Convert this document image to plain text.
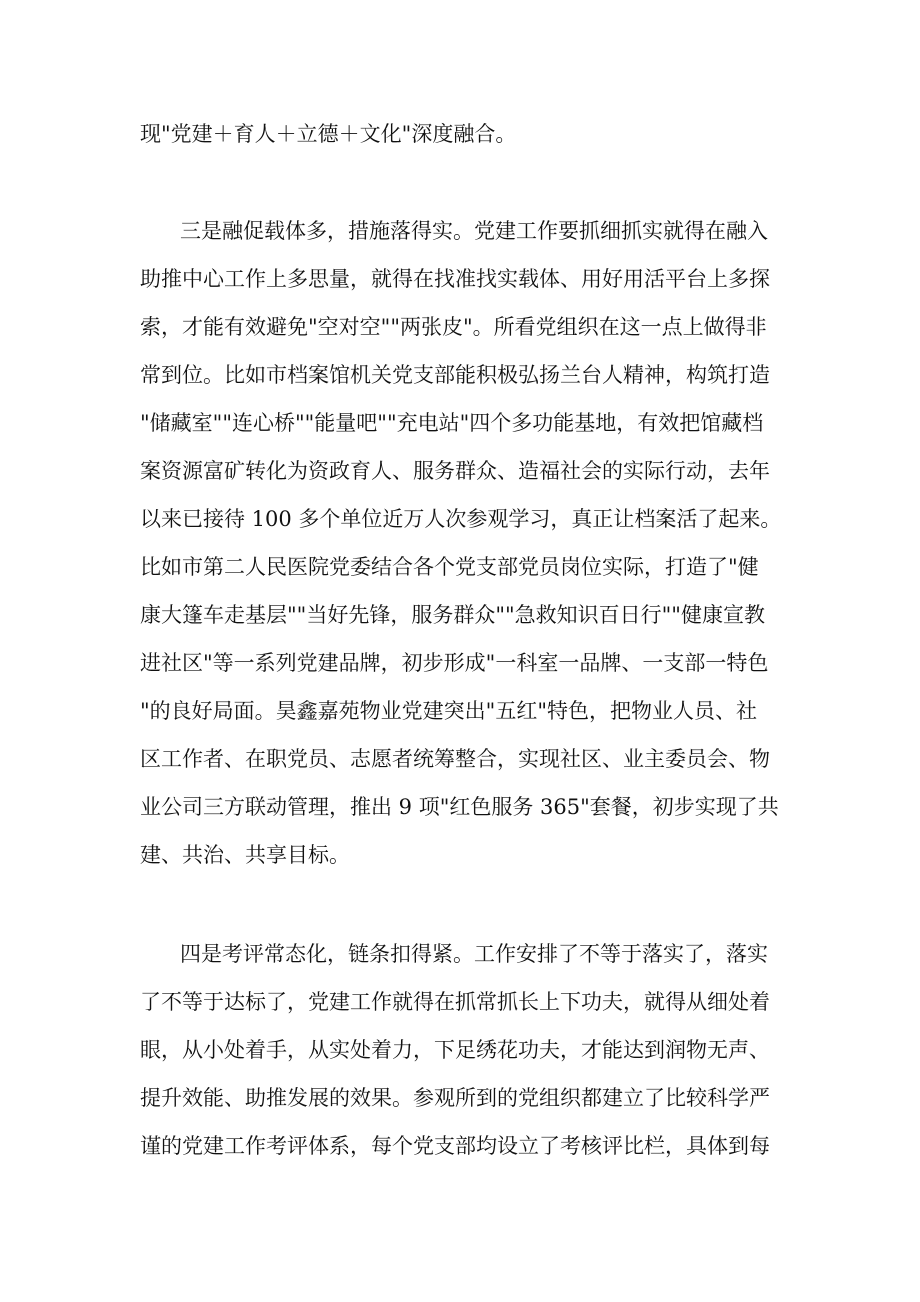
现"党建＋育人＋立德＋文化"深度融合。
三是融促载体多，措施落得实。党建工作要抓细抓实就得在融入
助推中心工作上多思量，就得在找准找实载体、用好用活平台上多探
索，才能有效避免"空对空""两张皮"。所看党组织在这一点上做得非
常到位。比如市档案馆机关党支部能积极弘扬兰台人精神，构筑打造
"储藏室""连心桥""能量吧""充电站"四个多功能基地，有效把馆藏档
案资源富矿转化为资政育人、服务群众、造福社会的实际行动，去年
以来已接待 100 多个单位近万人次参观学习，真正让档案活了起来。
比如市第二人民医院党委结合各个党支部党员岗位实际，打造了"健
康大篷车走基层""当好先锋，服务群众""急救知识百日行""健康宣教
进社区"等一系列党建品牌，初步形成"一科室一品牌、一支部一特色
"的良好局面。昊鑫嘉苑物业党建突出"五红"特色，把物业人员、社
区工作者、在职党员、志愿者统筹整合，实现社区、业主委员会、物
业公司三方联动管理，推出 9 项"红色服务 365"套餐，初步实现了共
建、共治、共享目标。
四是考评常态化，链条扣得紧。工作安排了不等于落实了，落实
了不等于达标了，党建工作就得在抓常抓长上下功夫，就得从细处着
眼，从小处着手，从实处着力，下足绣花功夫，才能达到润物无声、
提升效能、助推发展的效果。参观所到的党组织都建立了比较科学严
谨的党建工作考评体系，每个党支部均设立了考核评比栏，具体到每
